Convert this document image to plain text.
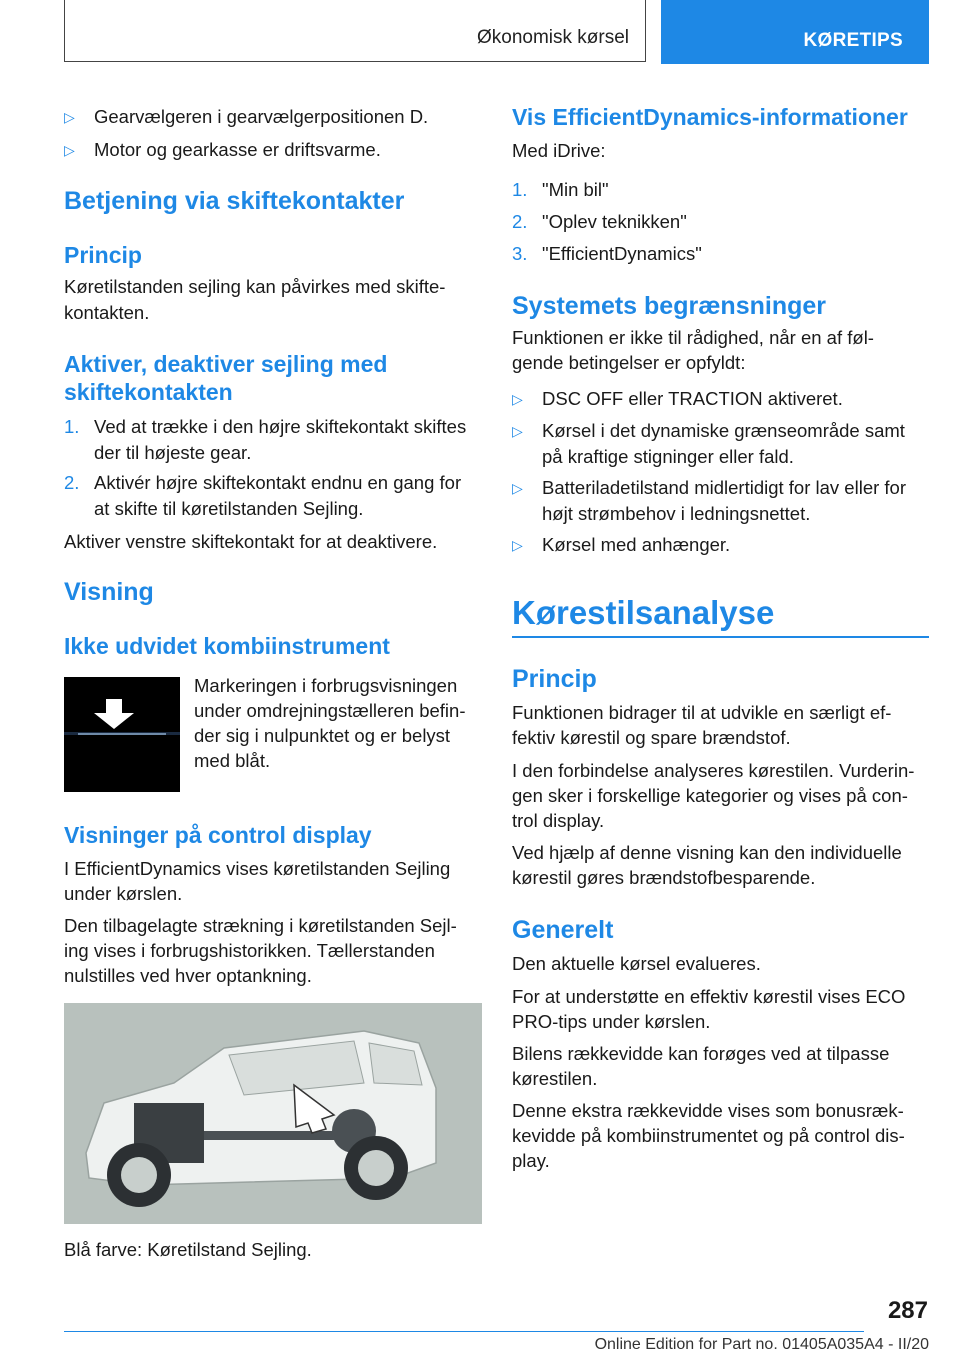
Økonomisk kørsel	KØRETIPS
▷ Gearvælgeren i gearvælgerpositionen D.
▷ Motor og gearkasse er driftsvarme.
Betjening via skiftekontakter
Princip
Køretilstanden sejling kan påvirkes med skifte-kontakten.
Aktiver, deaktiver sejling med
skiftekontakten
1. Ved at trække i den højre skiftekontakt skiftes
der til højeste gear.
2. Aktivér højre skiftekontakt endnu en gang for
at skifte til køretilstanden Sejling.
Aktiver venstre skiftekontakt for at deaktivere.
Visning
Ikke udvidet kombiinstrument
Markeringen i forbrugsvisningen
under omdrejningstælleren befin-
der sig i nulpunktet og er belyst
med blåt.
Visninger på control display
I EfficientDynamics vises køretilstanden Sejling
under kørslen.
Den tilbagelagte strækning i køretilstanden Sejl-
ing vises i forbrugshistorikken. Tællerstanden
nulstilles ved hver optankning.
Blå farve: Køretilstand Sejling.
Vis EfficientDynamics-informationer
Med iDrive:
1. "Min bil"
2. "Oplev teknikken"
3. "EfficientDynamics"
Systemets begrænsninger
Funktionen er ikke til rådighed, når en af føl-
gende betingelser er opfyldt:
▷ DSC OFF eller TRACTION aktiveret.
▷ Kørsel i det dynamiske grænseområde samt
på kraftige stigninger eller fald.
▷ Batteriladetilstand midlertidigt for lav eller for
højt strømbehov i ledningsnettet.
▷ Kørsel med anhænger.
Kørestilsanalyse
Princip
Funktionen bidrager til at udvikle en særligt ef-
fektiv kørestil og spare brændstof.
I den forbindelse analyseres kørestilen. Vurderin-
gen sker i forskellige kategorier og vises på con-
trol display.
Ved hjælp af denne visning kan den individuelle
kørestil gøres brændstofbesparende.
Generelt
Den aktuelle kørsel evalueres.
For at understøtte en effektiv kørestil vises ECO
PRO-tips under kørslen.
Bilens rækkevidde kan forøges ved at tilpasse
kørestilen.
Denne ekstra rækkevidde vises som bonusræk-
kevidde på kombiinstrumentet og på control dis-
play.
287
Online Edition for Part no. 01405A035A4 - II/20
